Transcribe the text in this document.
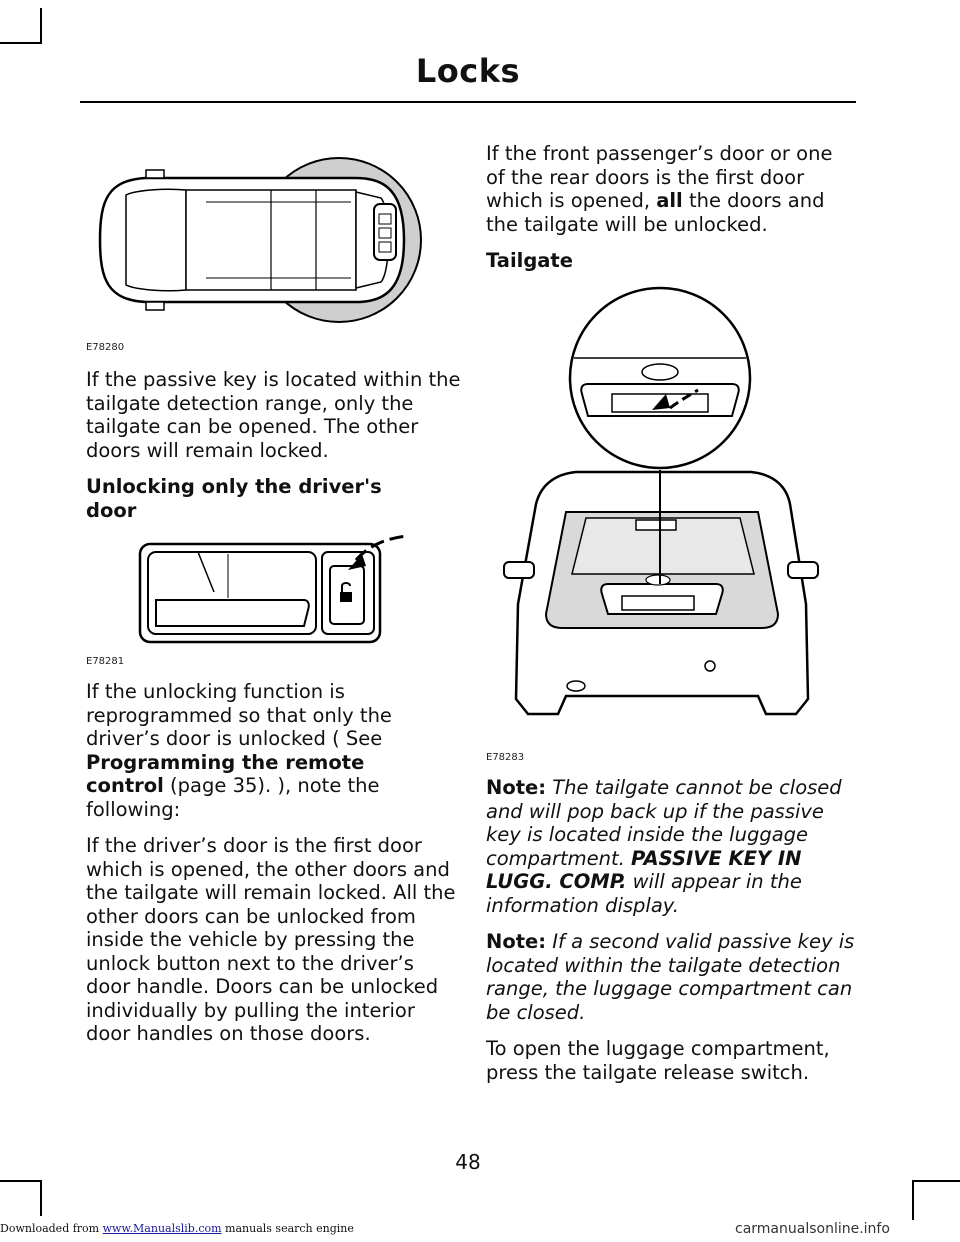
Locks
E78280

If the passive key is located within the tailgate detection range, only the tailgate can be opened. The other doors will remain locked.

Unlocking only the driver's door
E78281

If the unlocking function is reprogrammed so that only the driver’s door is unlocked ( See Programming the remote control (page 35). ), note the following:

If the driver’s door is the first door which is opened, the other doors and the tailgate will remain locked. All the other doors can be unlocked from inside the vehicle by pressing the unlock button next to the driver’s door handle. Doors can be unlocked individually by pulling the interior door handles on those doors.

If the front passenger’s door or one of the rear doors is the first door which is opened, all the doors and the tailgate will be unlocked.

Tailgate
E78283

Note: The tailgate cannot be closed and will pop back up if the passive key is located inside the luggage compartment. PASSIVE KEY IN LUGG. COMP. will appear in the information display.

Note: If a second valid passive key is located within the tailgate detection range, the luggage compartment can be closed.

To open the luggage compartment, press the tailgate release switch.

48
Downloaded from www.Manualslib.com manuals search engine	carmanualsonline.info
